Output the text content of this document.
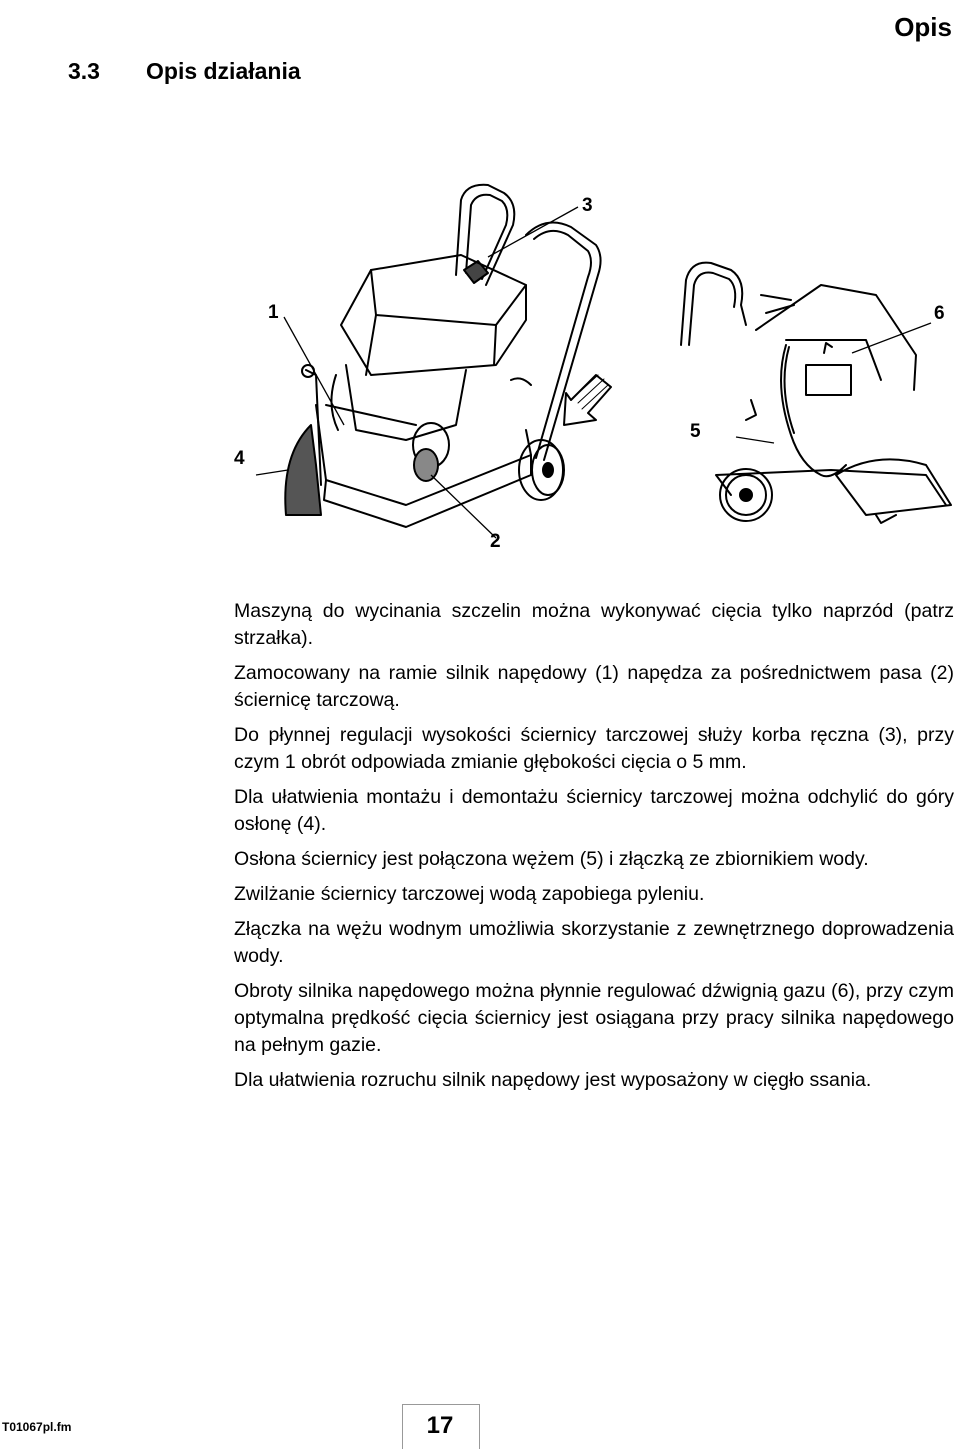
Opis
3.3 Opis działania
1
2
3
4
5
6

Maszyną do wycinania szczelin można wykonywać cięcia tylko naprzód (patrz strzałka).

Zamocowany na ramie silnik napędowy (1) napędza za pośrednictwem pasa (2) ściernicę tarczową.

Do płynnej regulacji wysokości ściernicy tarczowej służy korba ręczna (3), przy czym 1 obrót odpowiada zmianie głębokości cięcia o 5 mm.

Dla ułatwienia montażu i demontażu ściernicy tarczowej można odchylić do góry osłonę (4).

Osłona ściernicy jest połączona wężem (5) i złączką ze zbiornikiem wody.

Zwilżanie ściernicy tarczowej wodą zapobiega pyleniu.

Złączka na wężu wodnym umożliwia skorzystanie z zewnętrznego doprowadzenia wody.

Obroty silnika napędowego można płynnie regulować dźwignią gazu (6), przy czym optymalna prędkość cięcia ściernicy jest osiągana przy pracy silnika napędowego na pełnym gazie.

Dla ułatwienia rozruchu silnik napędowy jest wyposażony w cięgło ssania.

T01067pl.fm	17
